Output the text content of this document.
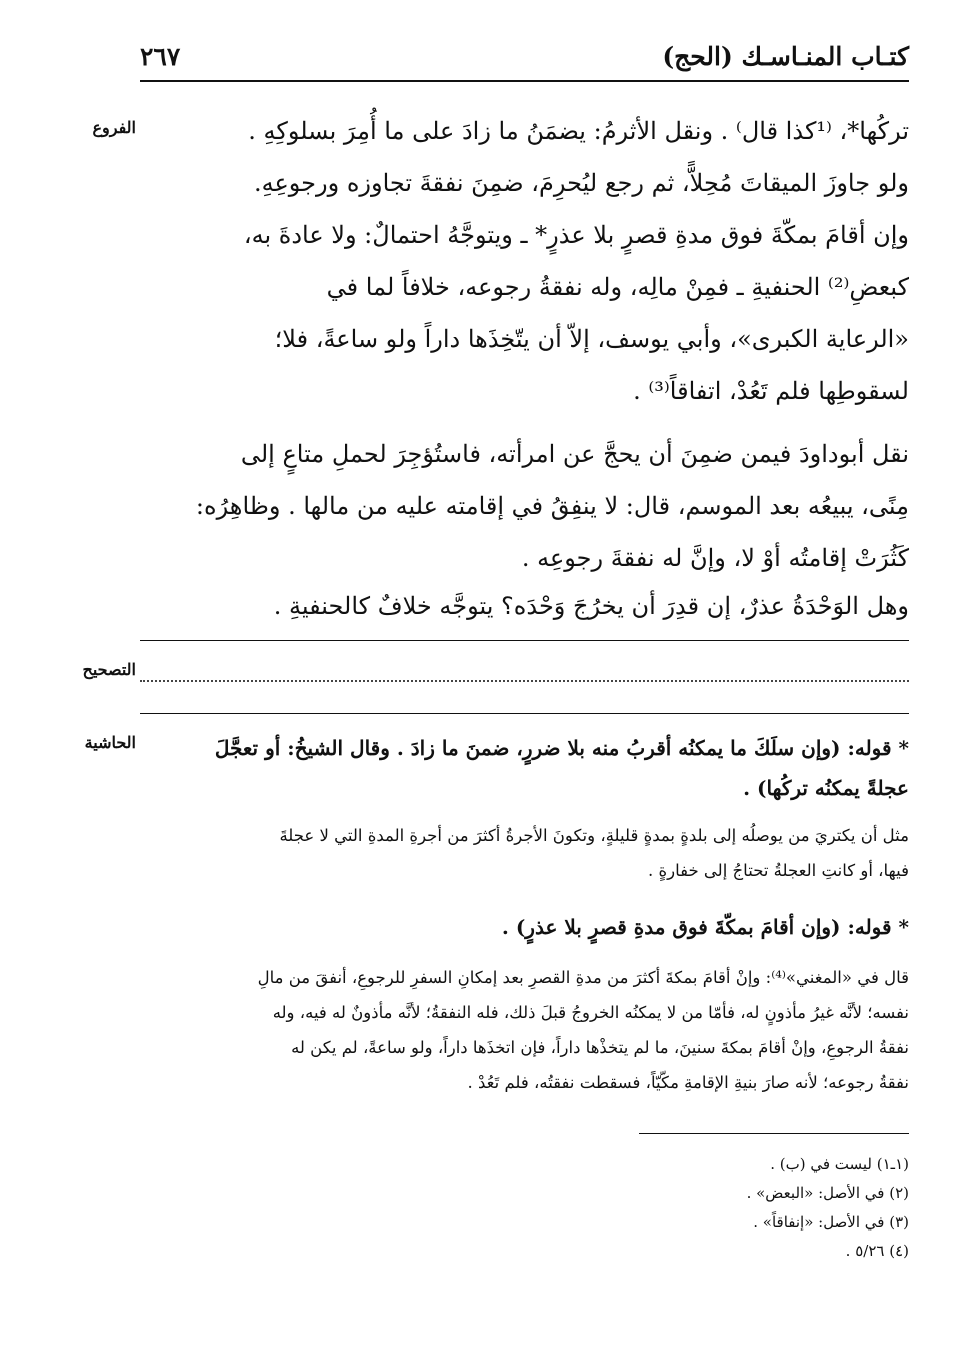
كتـاب المنـاسـك (الحج)
٢٦٧
الفروع	تركُها*، ⁽¹كذا قال⁾ . ونقل الأثرمُ: يضمَنُ ما زادَ على ما أُمِرَ بسلوكِهِ .
ولو جاوزَ الميقاتَ مُحِلاًّ، ثم رجع ليُحرِمَ، ضمِنَ نفقةَ تجاوزه ورجوعِهِ.
وإن أقامَ بمكّةَ فوق مدةِ قصرٍ بلا عذرٍ* ـ ويتوجَّهُ احتمالٌ: ولا عادةَ به،
كبعضِ⁽²⁾ الحنفيةِ ـ فمِنْ مالِه، وله نفقةُ رجوعه، خلافاً لما في
«الرعاية الكبرى»، وأبي يوسف، إلاّ أن يتّخِذَها داراً ولو ساعةً، فلا؛
لسقوطِها فلم تَعُدْ، اتفاقاً⁽³⁾ .
نقل أبوداودَ فيمن ضمِنَ أن يحجَّ عن امرأته، فاستُؤجِرَ لحملِ متاعٍ إلى
مِنًى، يبيعُه بعد الموسم، قال: لا ينفِقُ في إقامته عليه من مالها . وظاهِرُه:
كَثُرَتْ إقامتُه أوْ لا، وإنَّ له نفقةَ رجوعِه .
وهل الوَحْدَةُ عذرٌ، إن قدِرَ أن يخرُجَ وَحْدَه؟ يتوجَّه خلافٌ كالحنفيةِ .
التصحيح
الحاشية	* قوله: (وإن سلَكَ ما يمكنُه أقربُ منه بلا ضررٍ، ضمنَ ما زادَ . وقال الشيخُ: أو تعجَّلَ
عجلةً يمكنُه تركُها) .
مثل أن يكتريَ من يوصلُه إلى بلدةٍ بمدةٍ قليلةٍ، وتكونَ الأجرةُ أكثرَ من أجرةِ المدةِ التي لا عجلةَ
فيها، أو كانتِ العجلةُ تحتاجُ إلى خفارةٍ .
* قوله: (وإن أقامَ بمكّةَ فوق مدةِ قصرٍ بلا عذرٍ) .
قال في «المغني»⁽⁴⁾: وإنْ أقامَ بمكةَ أكثرَ من مدةِ القصرِ بعد إمكانِ السفرِ للرجوعِ، أنفقَ من مالِ
نفسه؛ لأنَّه غيرُ مأذونٍ له، فأمّا من لا يمكنُه الخروجُ قبلَ ذلك، فله النفقةُ؛ لأنَّه مأذونٌ له فيه، وله
نفقةُ الرجوعِ، وإنْ أقامَ بمكةَ سنينَ، ما لم يتخذْها داراً، فإن اتخذَها داراً، ولو ساعةً، لم يكن له
نفقةُ رجوعه؛ لأنه صارَ بنيةِ الإقامةِ مكّيّاً، فسقطت نفقتُه، فلم تَعُدْ .
(١ـ١) ليست في (ب) .
(٢) في الأصل: «البعض» .
(٣) في الأصل: «إنفاقاً» .
(٤) ٥/٢٦ .
